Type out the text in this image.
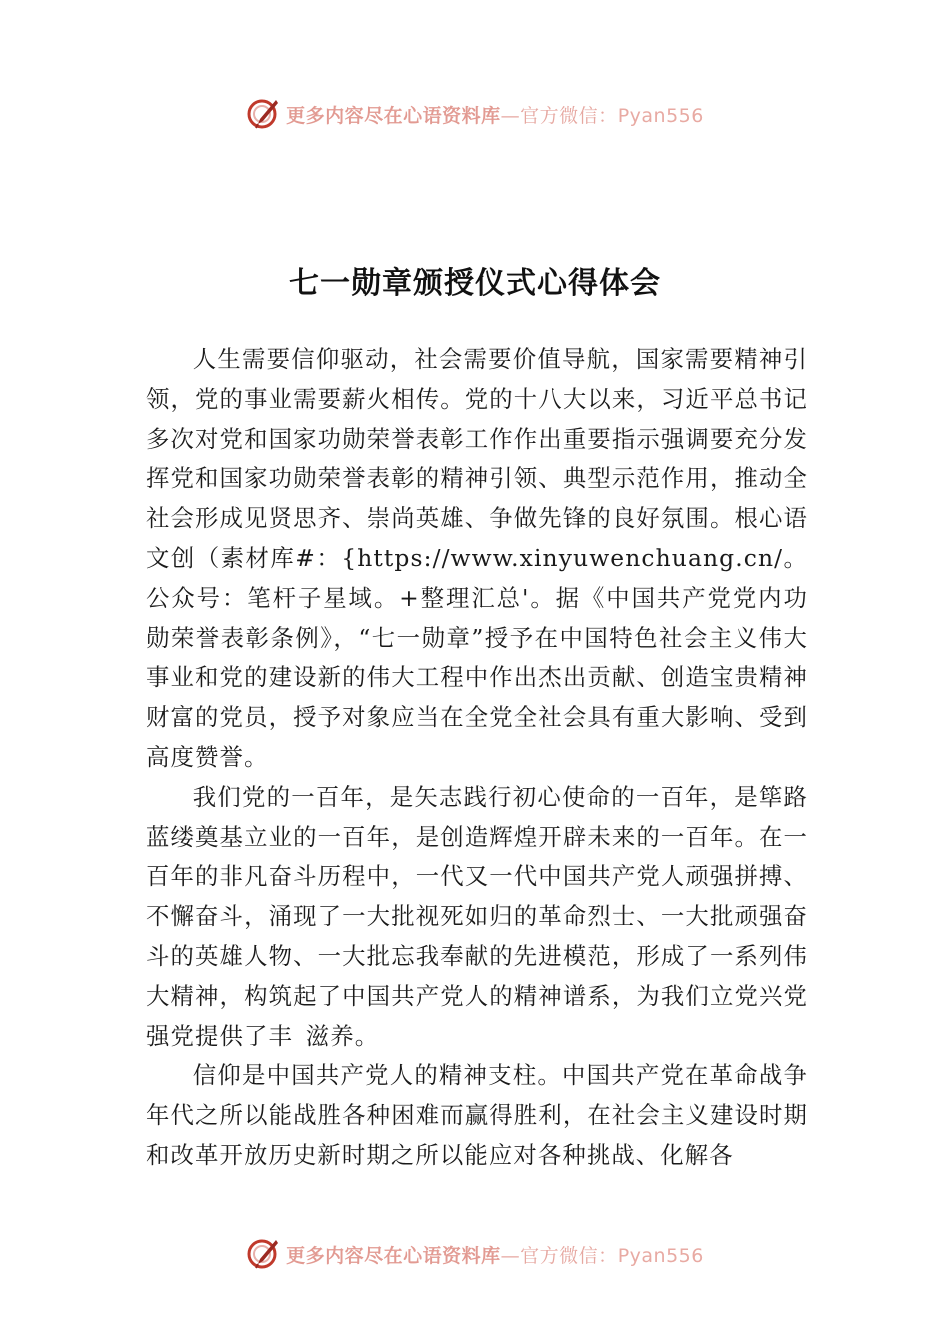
更多内容尽在心语资料库—官方微信：Pyan556
七一勋章颁授仪式心得体会

人生需要信仰驱动，社会需要价值导航，国家需要精神引领，党的事业需要薪火相传。党的十八大以来，习近平总书记多次对党和国家功勋荣誉表彰工作作出重要指示强调要充分发挥党和国家功勋荣誉表彰的精神引领、典型示范作用，推动全社会形成见贤思齐、崇尚英雄、争做先锋的良好氛围。根心语文创（素材库#：{https://www.xinyuwenchuang.cn/。公众号：笔杆子星域。+整理汇总'。据《中国共产党党内功勋荣誉表彰条例》，“七一勋章”授予在中国特色社会主义伟大事业和党的建设新的伟大工程中作出杰出贡献、创造宝贵精神财富的党员，授予对象应当在全党全社会具有重大影响、受到高度赞誉。

我们党的一百年，是矢志践行初心使命的一百年，是筚路蓝缕奠基立业的一百年，是创造辉煌开辟未来的一百年。在一百年的非凡奋斗历程中，一代又一代中国共产党人顽强拼搏、不懈奋斗，涌现了一大批视死如归的革命烈士、一大批顽强奋斗的英雄人物、一大批忘我奉献的先进模范，形成了一系列伟大精神，构筑起了中国共产党人的精神谱系，为我们立党兴党强党提供了丰 滋养。

信仰是中国共产党人的精神支柱。中国共产党在革命战争年代之所以能战胜各种困难而赢得胜利，在社会主义建设时期和改革开放历史新时期之所以能应对各种挑战、化解各

更多内容尽在心语资料库—官方微信：Pyan556
